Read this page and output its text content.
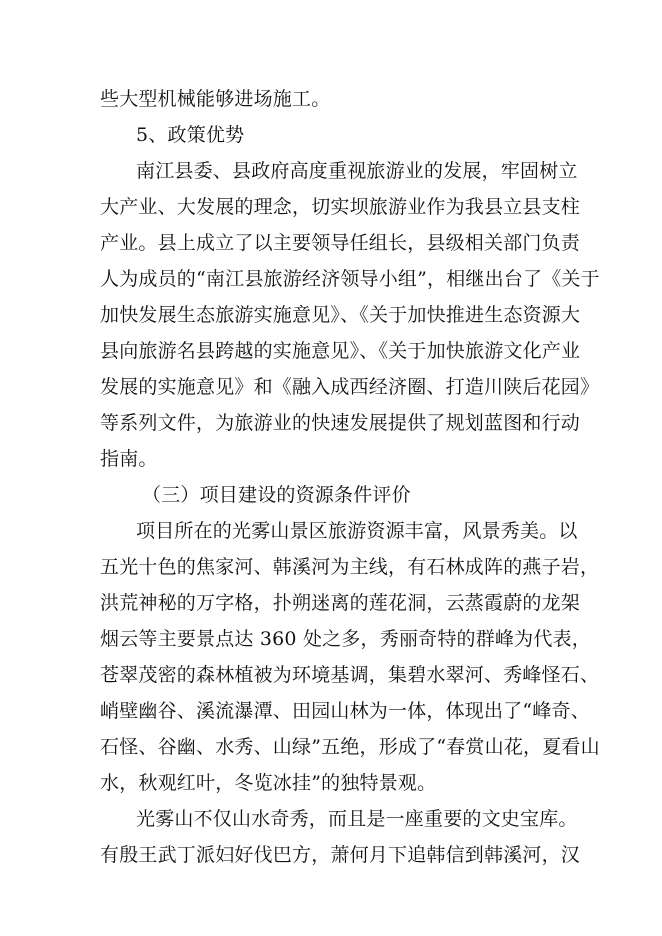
些大型机械能够进场施工。
5、政策优势
南江县委、县政府高度重视旅游业的发展，牢固树立
大产业、大发展的理念，切实坝旅游业作为我县立县支柱
产业。县上成立了以主要领导任组长，县级相关部门负责
人为成员的“南江县旅游经济领导小组”，相继出台了《关于
加快发展生态旅游实施意见》、《关于加快推进生态资源大
县向旅游名县跨越的实施意见》、《关于加快旅游文化产业
发展的实施意见》和《融入成西经济圈、打造川陕后花园》
等系列文件，为旅游业的快速发展提供了规划蓝图和行动
指南。
（三）项目建设的资源条件评价
项目所在的光雾山景区旅游资源丰富，风景秀美。以
五光十色的焦家河、韩溪河为主线，有石林成阵的燕子岩，
洪荒神秘的万字格，扑朔迷离的莲花洞，云蒸霞蔚的龙架
烟云等主要景点达 360 处之多，秀丽奇特的群峰为代表，
苍翠茂密的森林植被为环境基调，集碧水翠河、秀峰怪石、
峭壁幽谷、溪流瀑潭、田园山林为一体，体现出了“峰奇、
石怪、谷幽、水秀、山绿”五绝，形成了“春赏山花，夏看山
水，秋观红叶，冬览冰挂”的独特景观。
光雾山不仅山水奇秀，而且是一座重要的文史宝库。
有殷王武丁派妇好伐巴方，萧何月下追韩信到韩溪河，汉
